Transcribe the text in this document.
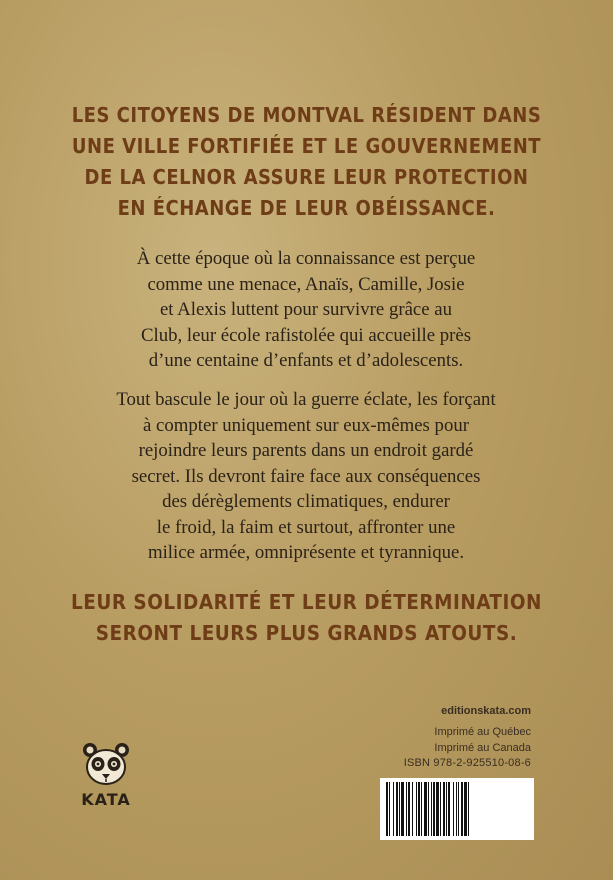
LES CITOYENS DE MONTVAL RÉSIDENT DANS
UNE VILLE FORTIFIÉE ET LE GOUVERNEMENT
DE LA CELNOR ASSURE LEUR PROTECTION
EN ÉCHANGE DE LEUR OBÉISSANCE.
À cette époque où la connaissance est perçue
comme une menace, Anaïs, Camille, Josie
et Alexis luttent pour survivre grâce au
Club, leur école rafistolée qui accueille près
d’une centaine d’enfants et d’adolescents.
Tout bascule le jour où la guerre éclate, les forçant
à compter uniquement sur eux-mêmes pour
rejoindre leurs parents dans un endroit gardé
secret. Ils devront faire face aux conséquences
des dérèglements climatiques, endurer
le froid, la faim et surtout, affronter une
milice armée, omniprésente et tyrannique.
LEUR SOLIDARITÉ ET LEUR DÉTERMINATION
SERONT LEURS PLUS GRANDS ATOUTS.
editionskata.com
Imprimé au Québec
Imprimé au Canada
ISBN 978-2-925510-08-6
KATA
